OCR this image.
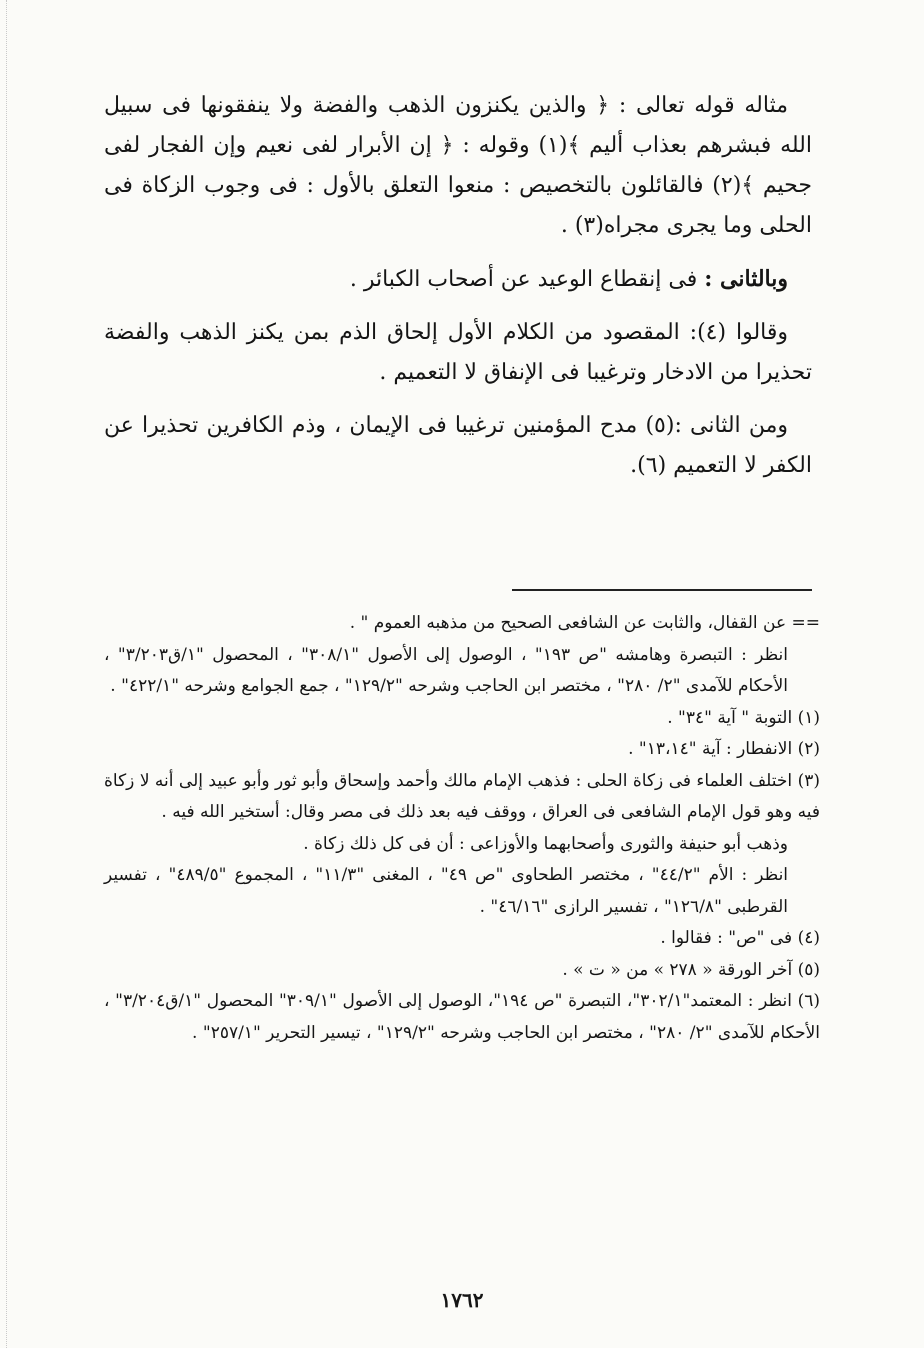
مثاله قوله تعالى : ﴿ والذين يكنزون الذهب والفضة ولا ينفقونها فى سبيل الله فبشرهم بعذاب أليم ﴾(١) وقوله : ﴿ إن الأبرار لفى نعيم وإن الفجار لفى جحيم ﴾(٢) فالقائلون بالتخصيص : منعوا التعلق بالأول : فى وجوب الزكاة فى الحلى وما يجرى مجراه(٣) .

وبالثانى : فى إنقطاع الوعيد عن أصحاب الكبائر .

وقالوا (٤): المقصود من الكلام الأول إلحاق الذم بمن يكنز الذهب والفضة تحذيرا من الادخار وترغيبا فى الإنفاق لا التعميم .

ومن الثانى :(٥) مدح المؤمنين ترغيبا فى الإيمان ، وذم الكافرين تحذيرا عن الكفر لا التعميم (٦).

== عن القفال، والثابت عن الشافعى الصحيح من مذهبه العموم " .

انظر : التبصرة وهامشه "ص ١٩٣" ، الوصول إلى الأصول "٣٠٨/١" ، المحصول "١/ق٣/٢٠٣" ، الأحكام للآمدى "٢/ ٢٨٠" ، مختصر ابن الحاجب وشرحه "١٢٩/٢" ، جمع الجوامع وشرحه "٤٢٢/١" .

(١) التوبة " آية "٣٤" .

(٢) الانفطار : آية "١٣،١٤" .

(٣) اختلف العلماء فى زكاة الحلى : فذهب الإمام مالك وأحمد وإسحاق وأبو ثور وأبو عبيد إلى أنه لا زكاة فيه وهو قول الإمام الشافعى فى العراق ، ووقف فيه بعد ذلك فى مصر وقال: أستخير الله فيه .

وذهب أبو حنيفة والثورى وأصحابهما والأوزاعى : أن فى كل ذلك زكاة .

انظر : الأم "٤٤/٢" ، مختصر الطحاوى "ص ٤٩" ، المغنى "١١/٣" ، المجموع "٤٨٩/٥" ، تفسير القرطبى "١٢٦/٨" ، تفسير الرازى "٤٦/١٦" .

(٤) فى "ص" : فقالوا .

(٥) آخر الورقة « ٢٧٨ » من « ت » .

(٦) انظر : المعتمد"٣٠٢/١"، التبصرة "ص ١٩٤"، الوصول إلى الأصول "٣٠٩/١" المحصول "١/ق٣/٢٠٤" ، الأحكام للآمدى "٢/ ٢٨٠" ، مختصر ابن الحاجب وشرحه "١٢٩/٢" ، تيسير التحرير "٢٥٧/١" .

١٧٦٢
